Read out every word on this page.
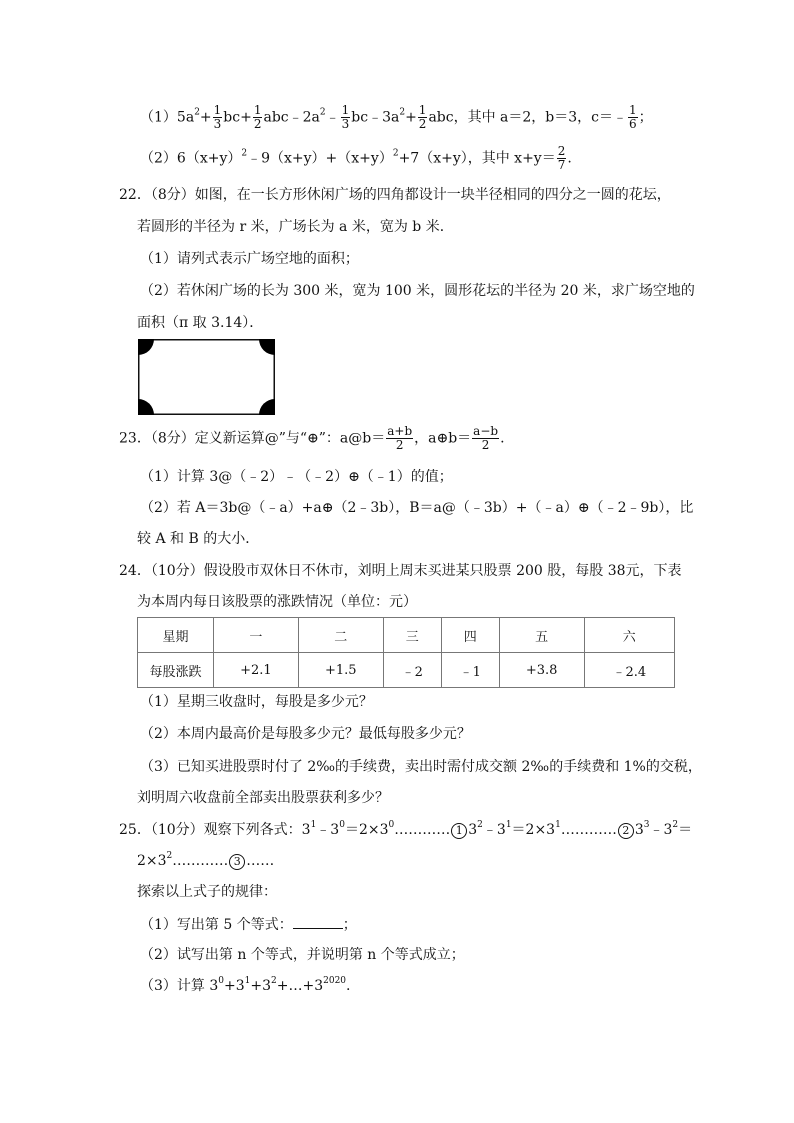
$(1)5a^2+ \frac{1}{3} bc+ \frac{1}{2}$ $abc﹣2a^2﹣ \frac{1}{3}$ $bc﹣3a^2+ \frac{1}{2}$ abc，其中 a＝2，b＝3，c＝﹣ $\frac{1}{6}$ ；
$(2)6(x+y)^2﹣9(x+y)+(x+y)^2+7(x+y)$，其中 $x+y= \frac{2}{7}$ .
22．（8分）如图，在一长方形休闲广场的四角都设计一块半径相同的四分之一圆的花坛，
若圆形的半径为 r 米，广场长为 a 米，宽为 b 米．
（1）请列式表示广场空地的面积；
（2）若休闲广场的长为 300 米，宽为 100 米，圆形花坛的半径为 20 米，求广场空地的
面积（π 取 3.14）．
23．（8分）定义新运算@”与“⊕”：a@b＝ $\frac{a+b}{2}$ ，a⊕b＝ $\frac{a-b}{2}$ .
（1）计算 3@（﹣2）﹣（﹣2）⊕（﹣1）的值；
（2）若 A＝3b@（﹣a）+a⊕（2﹣3b），B＝a@（﹣3b）+（﹣a）⊕（﹣2﹣9b），比
较 A 和 B 的大小．
24．（10分）假设股市双休日不休市，刘明上周末买进某只股票 200 股，每股 38元，下表
为本周内每日该股票的涨跌情况（单位：元）
星期	一	二	三	四	五	六
每股涨跌	+2.1	+1.5	﹣2	﹣1	+3.8	﹣2.4
（1）星期三收盘时，每股是多少元？
（2）本周内最高价是每股多少元？最低每股多少元？
（3）已知买进股票时付了 2‰的手续费，卖出时需付成交额 2‰的手续费和 1%的交税，
刘明周六收盘前全部卖出股票获利多少？
25．（10分）观察下列各式：$3^1﹣3^0=2\times 3^0\dots\dots\dots\dots$ 1 $3^2﹣3^1=2\times 3^1\dots\dots\dots\dots$ 2 $3^3﹣3^2=$
$2\times 3^2\dots\dots\dots\dots$ 3 ……
探索以上式子的规律：
（1）写出第 5 个等式：	；
（2）试写出第 n 个等式，并说明第 n 个等式成立；
（3）计算 $3^0+3^1+3^2+\dots+3^{2020}$.
